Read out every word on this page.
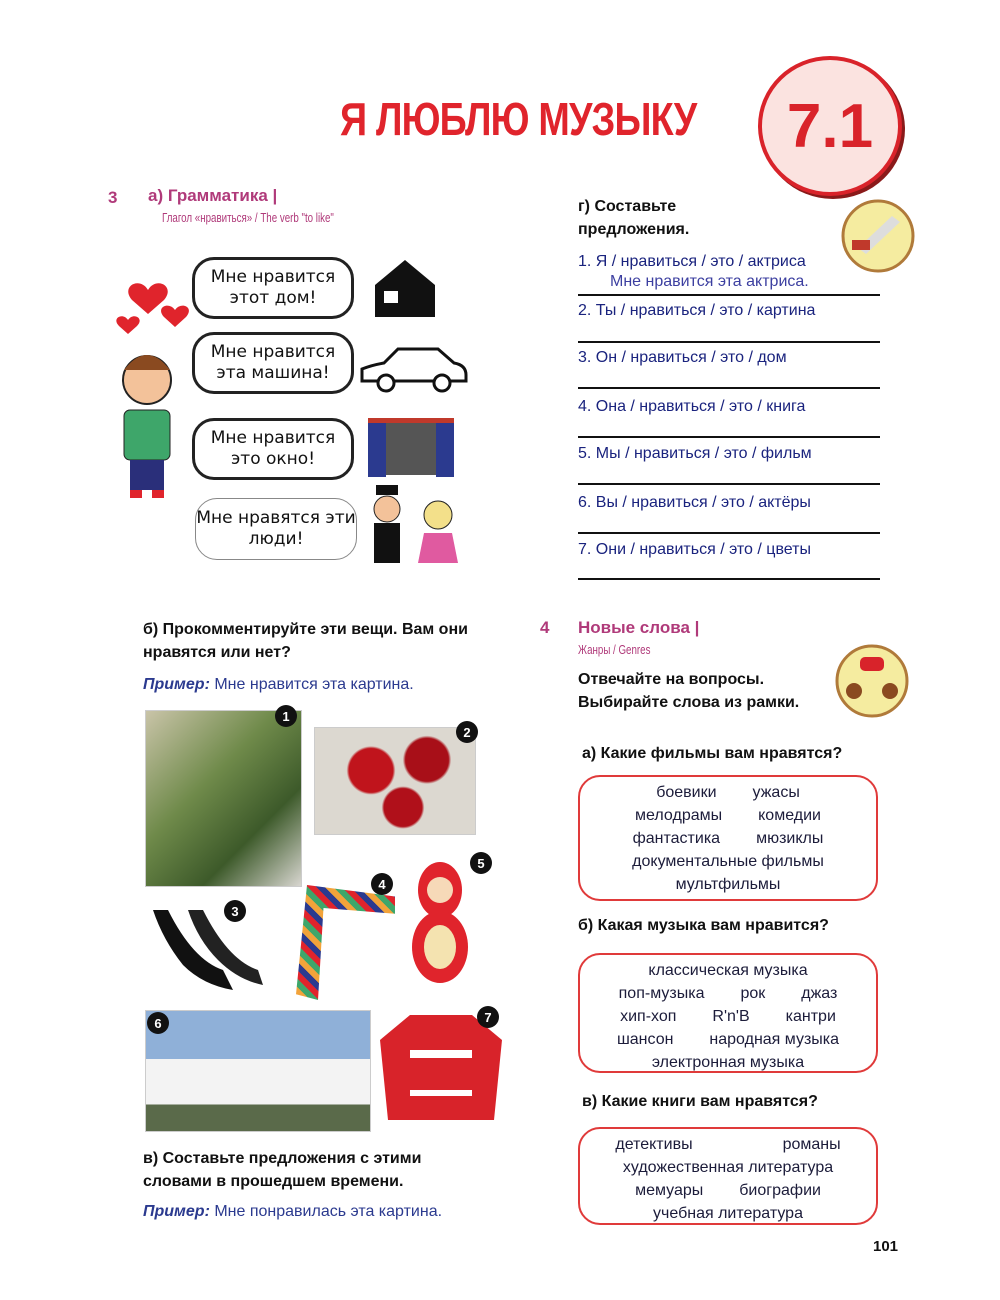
Я ЛЮБЛЮ МУЗЫКУ	7.1
3 а) Грамматика |
Глагол «нравиться» / The verb "to like"
Мне нравится этот дом!
Мне нравится эта машина!
Мне нравится это окно!
Мне нравятся эти люди!
б) Прокомментируйте эти вещи. Вам они нравятся или нет?
Пример: Мне нравится эта картина.
1
2
3
4
5
6	7
в) Составьте предложения с этими словами в прошедшем времени.
Пример: Мне понравилась эта картина.
г) Составьте предложения.
1. Я / нравиться / это / актриса
Мне нравится эта актриса.
2. Ты / нравиться / это / картина
3. Он / нравиться / это / дом
4. Она / нравиться / это / книга
5. Мы / нравиться / это / фильм
6. Вы / нравиться / это / актёры
7. Они / нравиться / это / цветы
4 Новые слова |
Жанры / Genres
Отвечайте на вопросы. Выбирайте слова из рамки.
а) Какие фильмы вам нравятся?
боевики ужасы
мелодрамы комедии
фантастика мюзиклы
документальные фильмы
мультфильмы
б) Какая музыка вам нравится?
классическая музыка
поп-музыка рок джаз
хип-хоп R'n'B кантри
шансон народная музыка
электронная музыка
в) Какие книги вам нравятся?
детективы	романы
художественная литература
мемуары биографии
учебная литература
101
